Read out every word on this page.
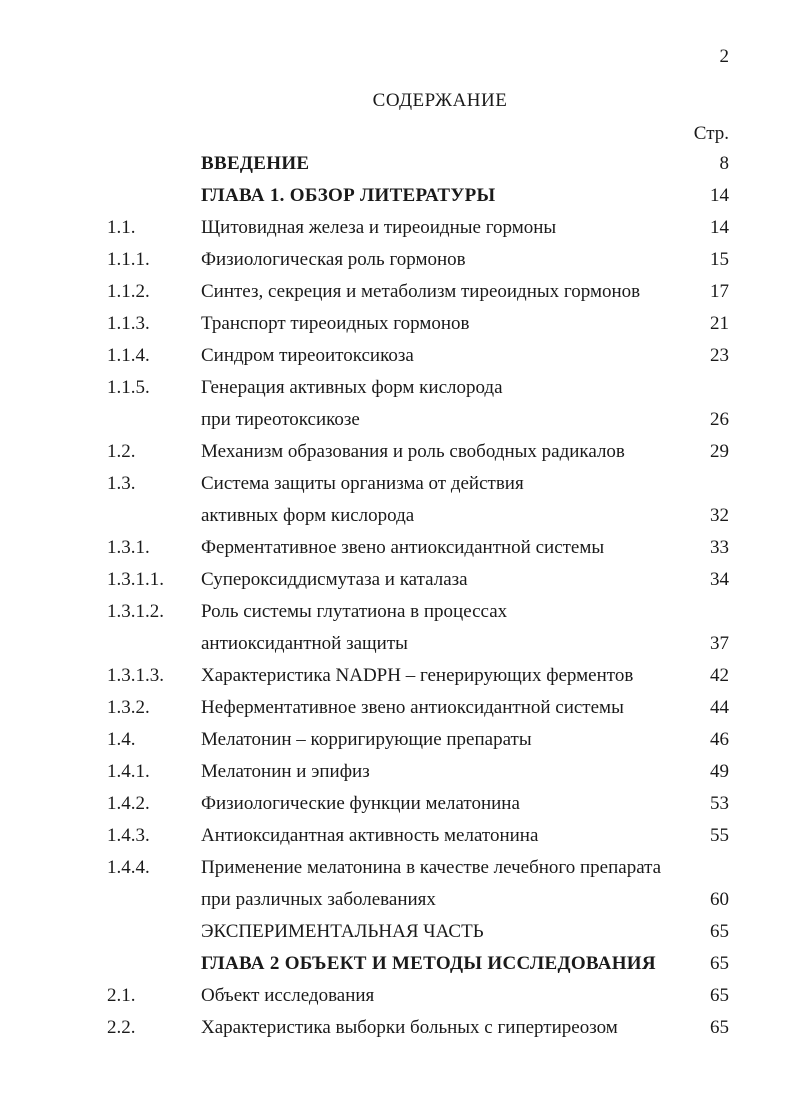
2
СОДЕРЖАНИЕ
Стр.
ВВЕДЕНИЕ	8
ГЛАВА 1. ОБЗОР ЛИТЕРАТУРЫ	14
1.1.	Щитовидная железа и тиреоидные гормоны	14
1.1.1.	Физиологическая роль гормонов	15
1.1.2.	Синтез, секреция и метаболизм тиреоидных гормонов	17
1.1.3.	Транспорт тиреоидных гормонов	21
1.1.4.	Синдром тиреоитоксикоза	23
1.1.5.	Генерация активных форм кислорода
при тиреотоксикозе	26
1.2.	Механизм образования и роль свободных радикалов	29
1.3.	Система защиты организма от действия
активных форм кислорода	32
1.3.1.	Ферментативное звено антиоксидантной системы	33
1.3.1.1. Супероксиддисмутаза и каталаза	34
1.3.1.2. Роль системы глутатиона в процессах
антиоксидантной защиты	37
1.3.1.3. Характеристика NADPH – генерирующих ферментов	42
1.3.2.	Неферментативное звено антиоксидантной системы	44
1.4.	Мелатонин – корригирующие препараты	46
1.4.1.	Мелатонин и эпифиз	49
1.4.2.	Физиологические функции мелатонина	53
1.4.3.	Антиоксидантная активность мелатонина	55
1.4.4.	Применение мелатонина в качестве лечебного препарата
при различных заболеваниях	60
ЭКСПЕРИМЕНТАЛЬНАЯ ЧАСТЬ	65
ГЛАВА 2 ОБЪЕКТ И МЕТОДЫ ИССЛЕДОВАНИЯ	65
2.1.	Объект исследования	65
2.2.	Характеристика выборки больных с гипертиреозом	65
